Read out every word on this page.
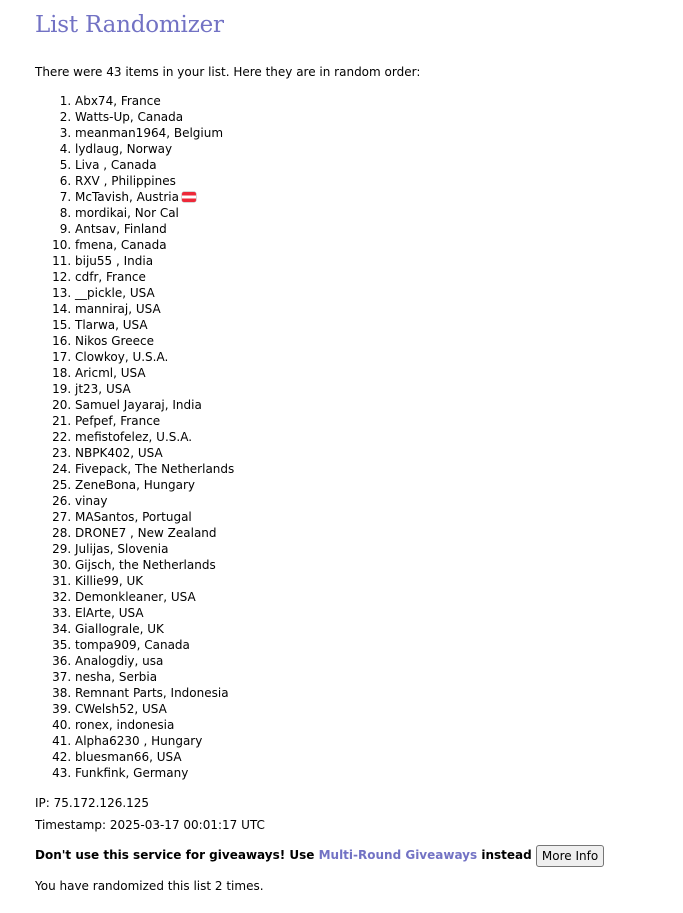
List Randomizer

There were 43 items in your list. Here they are in random order:

1. Abx74, France
2. Watts-Up, Canada
3. meanman1964, Belgium
4. lydlaug, Norway
5. Liva , Canada
6. RXV , Philippines
7. McTavish, Austria
8. mordikai, Nor Cal
9. Antsav, Finland
10. fmena, Canada
11. biju55 , India
12. cdfr, France
13. __pickle, USA
14. manniraj, USA
15. Tlarwa, USA
16. Nikos Greece
17. Clowkoy, U.S.A.
18. Aricml, USA
19. jt23, USA
20. Samuel Jayaraj, India
21. Pefpef, France
22. mefistofelez, U.S.A.
23. NBPK402, USA
24. Fivepack, The Netherlands
25. ZeneBona, Hungary
26. vinay
27. MASantos, Portugal
28. DRONE7 , New Zealand
29. Julijas, Slovenia
30. Gijsch, the Netherlands
31. Killie99, UK
32. Demonkleaner, USA
33. ElArte, USA
34. Giallograle, UK
35. tompa909, Canada
36. Analogdiy, usa
37. nesha, Serbia
38. Remnant Parts, Indonesia
39. CWelsh52, USA
40. ronex, indonesia
41. Alpha6230 , Hungary
42. bluesman66, USA
43. Funkfink, Germany
IP: 75.172.126.125
Timestamp: 2025-03-17 00:01:17 UTC
Don't use this service for giveaways! Use Multi-Round Giveaways instead More Info
You have randomized this list 2 times.
